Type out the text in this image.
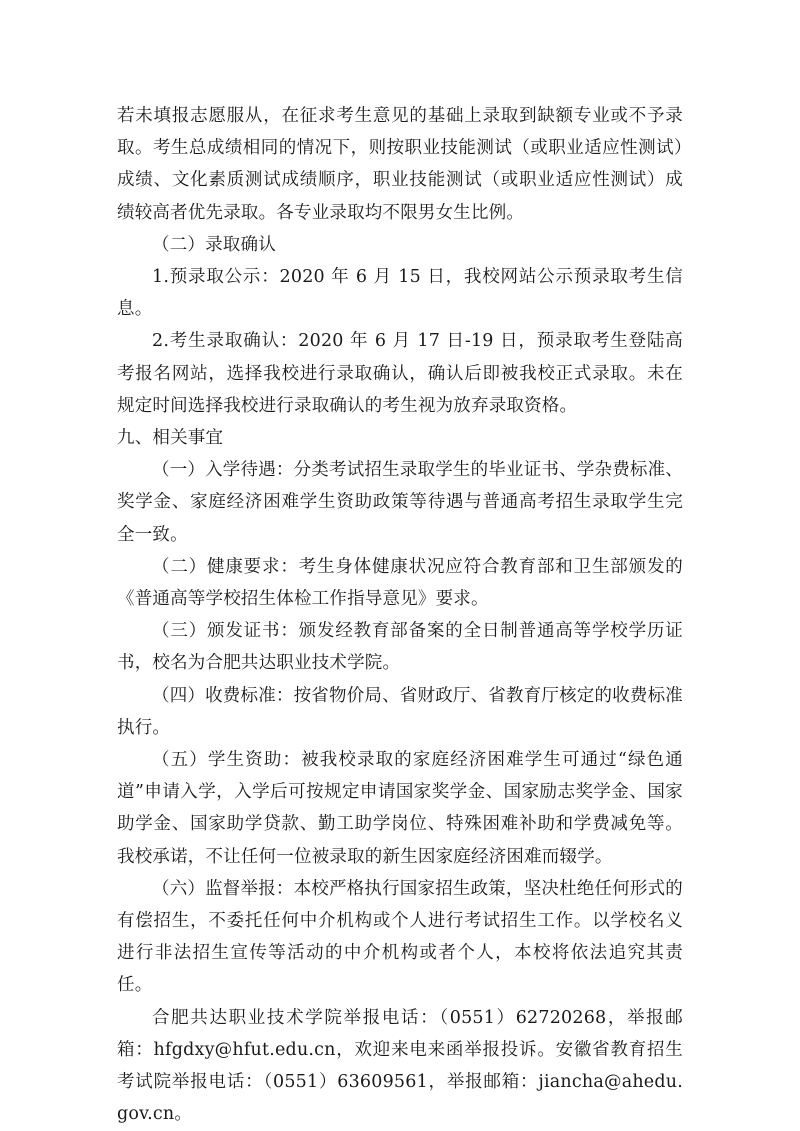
若未填报志愿服从，在征求考生意见的基础上录取到缺额专业或不予录取。考生总成绩相同的情况下，则按职业技能测试（或职业适应性测试）成绩、文化素质测试成绩顺序，职业技能测试（或职业适应性测试）成绩较高者优先录取。各专业录取均不限男女生比例。

（二）录取确认

1.预录取公示：2020 年 6 月 15 日，我校网站公示预录取考生信息。

2.考生录取确认：2020 年 6 月 17 日-19 日，预录取考生登陆高考报名网站，选择我校进行录取确认，确认后即被我校正式录取。未在规定时间选择我校进行录取确认的考生视为放弃录取资格。

九、相关事宜

（一）入学待遇：分类考试招生录取学生的毕业证书、学杂费标准、奖学金、家庭经济困难学生资助政策等待遇与普通高考招生录取学生完全一致。

（二）健康要求：考生身体健康状况应符合教育部和卫生部颁发的《普通高等学校招生体检工作指导意见》要求。

（三）颁发证书：颁发经教育部备案的全日制普通高等学校学历证书，校名为合肥共达职业技术学院。

（四）收费标准：按省物价局、省财政厅、省教育厅核定的收费标准执行。

（五）学生资助：被我校录取的家庭经济困难学生可通过“绿色通道”申请入学，入学后可按规定申请国家奖学金、国家励志奖学金、国家助学金、国家助学贷款、勤工助学岗位、特殊困难补助和学费减免等。我校承诺，不让任何一位被录取的新生因家庭经济困难而辍学。

（六）监督举报：本校严格执行国家招生政策，坚决杜绝任何形式的有偿招生，不委托任何中介机构或个人进行考试招生工作。以学校名义进行非法招生宣传等活动的中介机构或者个人，本校将依法追究其责任。

合肥共达职业技术学院举报电话：（0551）62720268，举报邮箱：hfgdxy@hfut.edu.cn，欢迎来电来函举报投诉。安徽省教育招生考试院举报电话：（0551）63609561，举报邮箱：jiancha@ahedu.gov.cn。
